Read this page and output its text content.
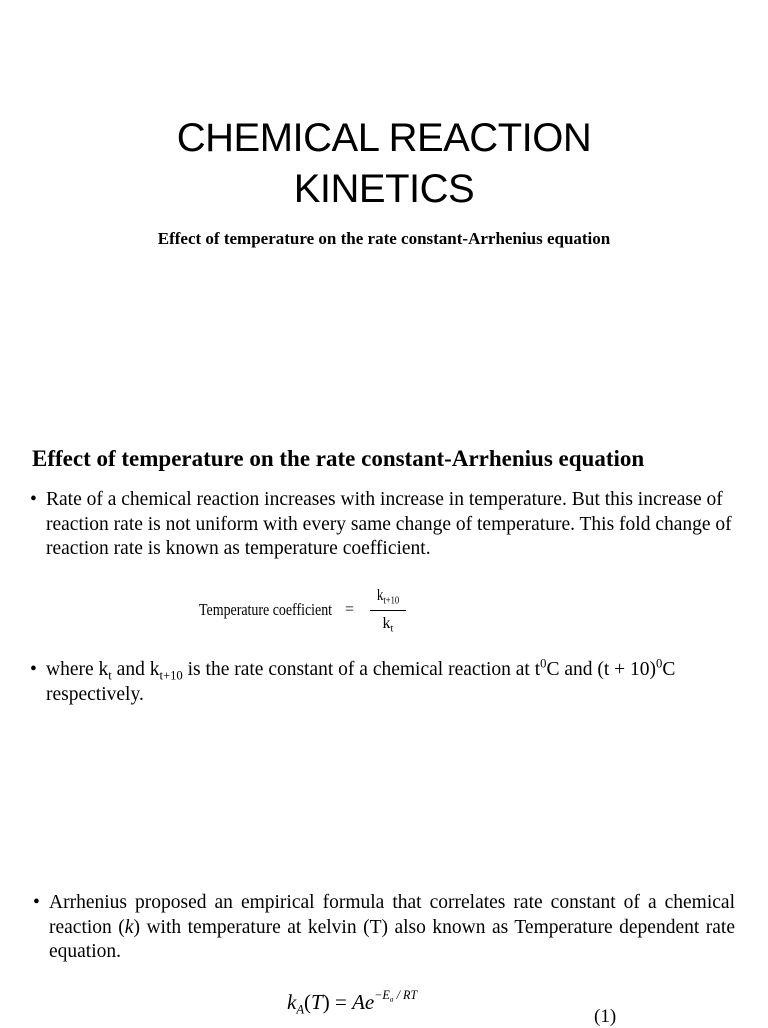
CHEMICAL REACTION
KINETICS
Effect of temperature on the rate constant-Arrhenius equation
Effect of temperature on the rate constant-Arrhenius equation
• Rate of a chemical reaction increases with increase in temperature. But this increase of reaction rate is not uniform with every same change of temperature. This fold change of reaction rate is known as temperature coefficient.
Temperature coefficient =
$k_{t+10}$
$k_t$
• where $k_t$ and $k_{t+10}$ is the rate constant of a chemical reaction at $t^0C$ and $(t + 10)^0C$ respectively.
• Arrhenius proposed an empirical formula that correlates rate constant of a chemical reaction (k) with temperature at kelvin (T) also known as Temperature dependent rate equation.
$k_A(T) = Ae^{-E_a / RT}$
(1)
